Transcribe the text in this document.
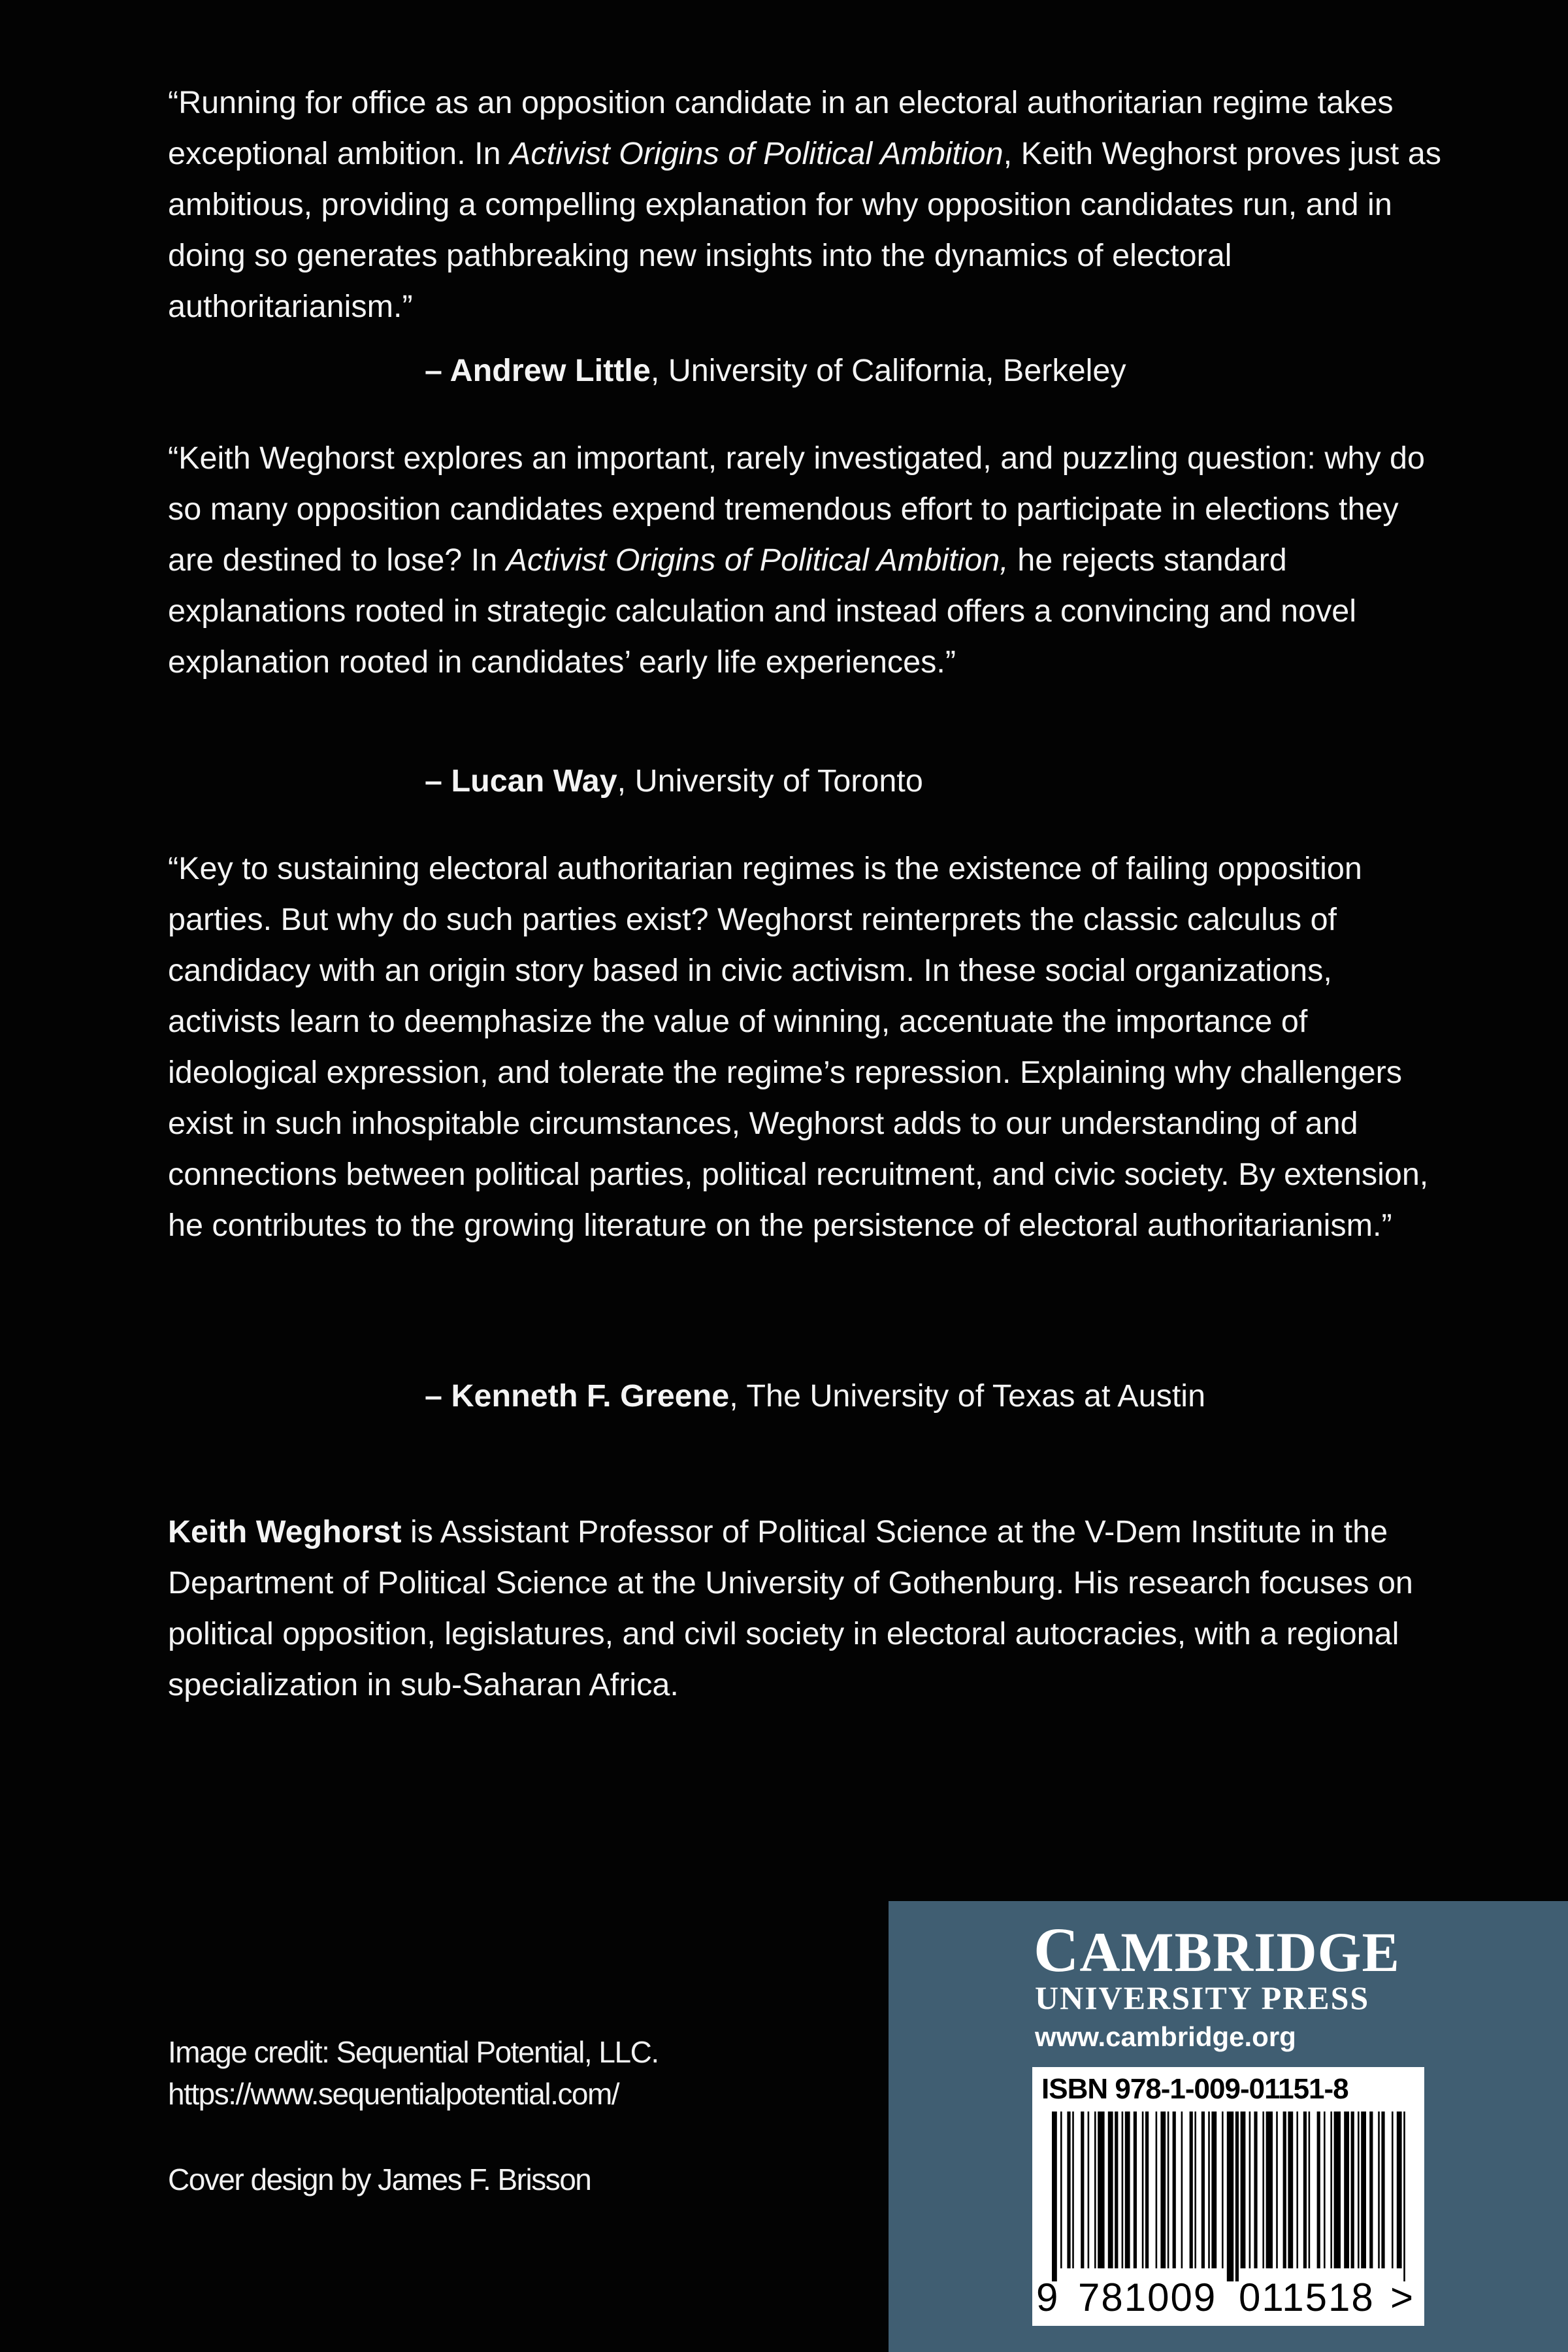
“Running for office as an opposition candidate in an electoral authoritarian regime takes exceptional ambition. In Activist Origins of Political Ambition, Keith Weghorst proves just as ambitious, providing a compelling explanation for why opposition candidates run, and in doing so generates pathbreaking new insights into the dynamics of electoral authoritarianism.”

– Andrew Little, University of California, Berkeley

“Keith Weghorst explores an important, rarely investigated, and puzzling question: why do so many opposition candidates expend tremendous effort to participate in elections they are destined to lose? In Activist Origins of Political Ambition, he rejects standard explanations rooted in strategic calculation and instead offers a convincing and novel explanation rooted in candidates’ early life experiences.”

– Lucan Way, University of Toronto

“Key to sustaining electoral authoritarian regimes is the existence of failing opposition parties. But why do such parties exist? Weghorst reinterprets the classic calculus of candidacy with an origin story based in civic activism. In these social organizations, activists learn to deemphasize the value of winning, accentuate the importance of ideological expression, and tolerate the regime’s repression. Explaining why challengers exist in such inhospitable circumstances, Weghorst adds to our understanding of and connections between political parties, political recruitment, and civic society. By extension, he contributes to the growing literature on the persistence of electoral authoritarianism.”

– Kenneth F. Greene, The University of Texas at Austin

Keith Weghorst is Assistant Professor of Political Science at the V-Dem Institute in the Department of Political Science at the University of Gothenburg. His research focuses on political opposition, legislatures, and civil society in electoral autocracies, with a regional specialization in sub-Saharan Africa.

Image credit: Sequential Potential, LLC.
https://www.sequentialpotential.com/

Cover design by James F. Brisson

CAMBRIDGE
UNIVERSITY PRESS
www.cambridge.org
ISBN 978-1-009-01151-8
9 781009 011518 >
